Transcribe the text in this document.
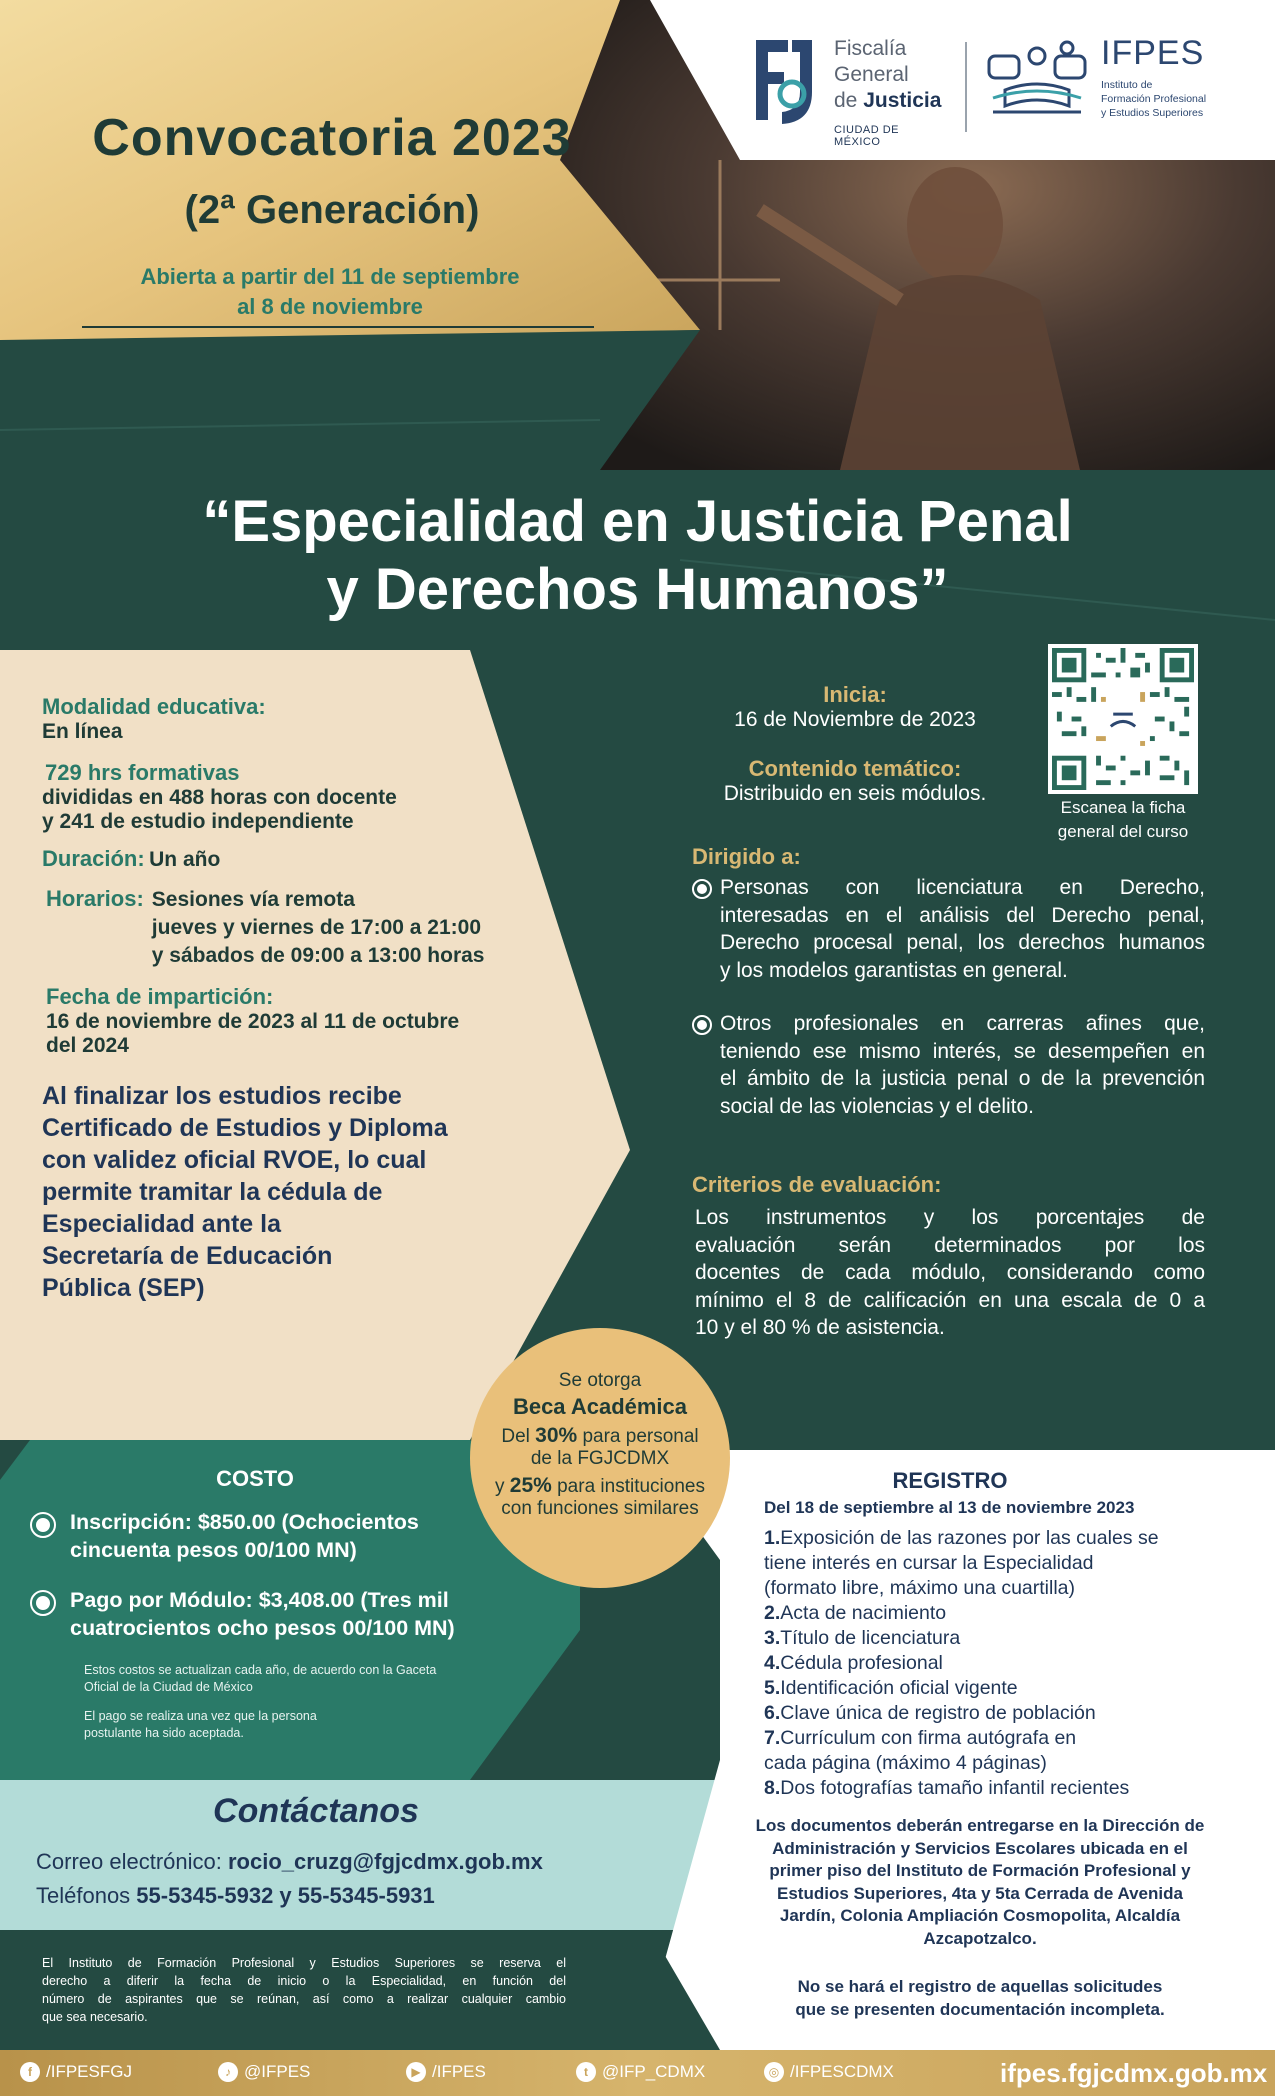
Fiscalía
General
de Justicia
CIUDAD DE MÉXICO
IFPES
Instituto de
Formación Profesional
y Estudios Superiores
Convocatoria 2023
(2ª Generación)
Abierta a partir del 11 de septiembre
al 8 de noviembre
“Especialidad en Justicia Penal
y Derechos Humanos”
Modalidad educativa:
En línea
729 hrs formativas
divididas en 488 horas con docente
y 241 de estudio independiente
Duración: Un año
Horarios: Sesiones vía remota
jueves y viernes de 17:00 a 21:00
y sábados de 09:00 a 13:00 horas
Fecha de impartición:
16 de noviembre de 2023 al 11 de octubre
del 2024
Al finalizar los estudios recibe
Certificado de Estudios y Diploma
con validez oficial RVOE, lo cual
permite tramitar la cédula de
Especialidad ante la
Secretaría de Educación
Pública (SEP)
Inicia:
16 de Noviembre de 2023
Contenido temático:
Distribuido en seis módulos.
Escanea la ficha
general del curso
Dirigido a:
Personas con licenciatura en Derecho,
interesadas en el análisis del Derecho penal,
Derecho procesal penal, los derechos humanos
y los modelos garantistas en general.
Otros profesionales en carreras afines que,
teniendo ese mismo interés, se desempeñen en
el ámbito de la justicia penal o de la prevención
social de las violencias y el delito.
Criterios de evaluación:
Los instrumentos y los porcentajes de
evaluación serán determinados por los
docentes de cada módulo, considerando como
mínimo el 8 de calificación en una escala de 0 a
10 y el 80 % de asistencia.
COSTO
Inscripción: $850.00 (Ochocientos
cincuenta pesos 00/100 MN)
Pago por Módulo: $3,408.00 (Tres mil
cuatrocientos ocho pesos 00/100 MN)
Estos costos se actualizan cada año, de acuerdo con la Gaceta
Oficial de la Ciudad de México
El pago se realiza una vez que la persona
postulante ha sido aceptada.
Se otorga
Beca Académica
Del 30% para personal
de la FGJCDMX
y 25% para instituciones
con funciones similares
Contáctanos
Correo electrónico: rocio_cruzg@fgjcdmx.gob.mx
Teléfonos 55-5345-5932 y 55-5345-5931
El Instituto de Formación Profesional y Estudios Superiores se reserva el
derecho a diferir la fecha de inicio o la Especialidad, en función del
número de aspirantes que se reúnan, así como a realizar cualquier cambio
que sea necesario.
REGISTRO
Del 18 de septiembre al 13 de noviembre 2023
1.Exposición de las razones por las cuales se
tiene interés en cursar la Especialidad
(formato libre, máximo una cuartilla)
2.Acta de nacimiento
3.Título de licenciatura
4.Cédula profesional
5.Identificación oficial vigente
6.Clave única de registro de población
7.Currículum con firma autógrafa en
cada página (máximo 4 páginas)
8.Dos fotografías tamaño infantil recientes
Los documentos deberán entregarse en la Dirección de
Administración y Servicios Escolares ubicada en el
primer piso del Instituto de Formación Profesional y
Estudios Superiores, 4ta y 5ta Cerrada de Avenida
Jardín, Colonia Ampliación Cosmopolita, Alcaldía
Azcapotzalco.
No se hará el registro de aquellas solicitudes
que se presenten documentación incompleta.
f /IFPESFGJ	♪ @IFPES	▶ /IFPES	t @IFP_CDMX	◎ /IFPESCDMX	ifpes.fgjcdmx.gob.mx
